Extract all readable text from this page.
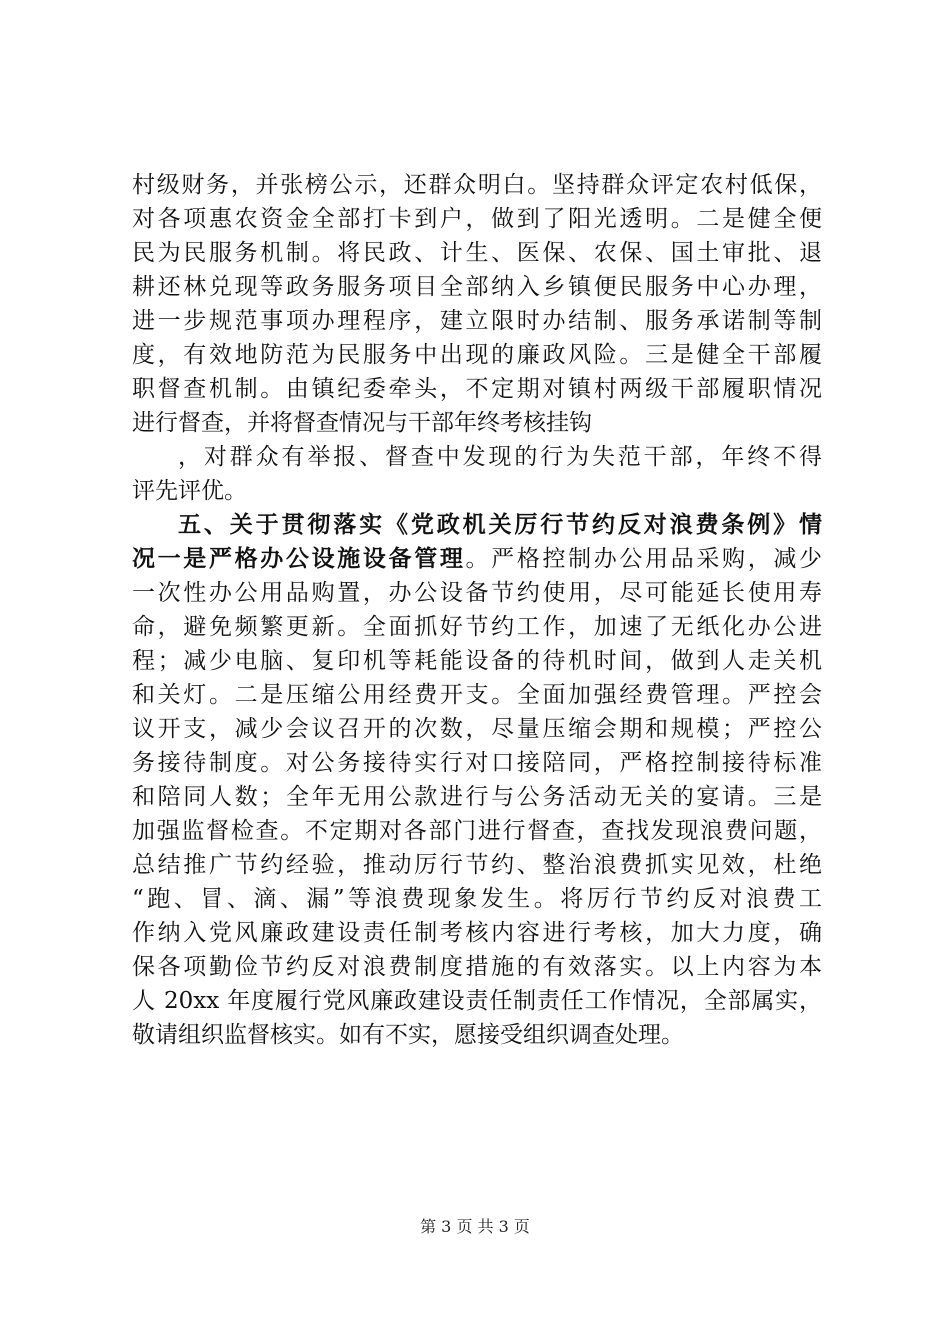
村级财务，并张榜公示，还群众明白。坚持群众评定农村低保，
对各项惠农资金全部打卡到户，做到了阳光透明。二是健全便
民为民服务机制。将民政、计生、医保、农保、国土审批、退
耕还林兑现等政务服务项目全部纳入乡镇便民服务中心办理，
进一步规范事项办理程序，建立限时办结制、服务承诺制等制
度，有效地防范为民服务中出现的廉政风险。三是健全干部履
职督查机制。由镇纪委牵头，不定期对镇村两级干部履职情况
进行督查，并将督查情况与干部年终考核挂钩
，对群众有举报、督查中发现的行为失范干部，年终不得
评先评优。
五、关于贯彻落实《党政机关厉行节约反对浪费条例》情
况一是严格办公设施设备管理。严格控制办公用品采购，减少
一次性办公用品购置，办公设备节约使用，尽可能延长使用寿
命，避免频繁更新。全面抓好节约工作，加速了无纸化办公进
程；减少电脑、复印机等耗能设备的待机时间，做到人走关机
和关灯。二是压缩公用经费开支。全面加强经费管理。严控会
议开支，减少会议召开的次数，尽量压缩会期和规模；严控公
务接待制度。对公务接待实行对口接陪同，严格控制接待标准
和陪同人数；全年无用公款进行与公务活动无关的宴请。三是
加强监督检查。不定期对各部门进行督查，查找发现浪费问题，
总结推广节约经验，推动厉行节约、整治浪费抓实见效，杜绝
“跑、冒、滴、漏”等浪费现象发生。将厉行节约反对浪费工
作纳入党风廉政建设责任制考核内容进行考核，加大力度，确
保各项勤俭节约反对浪费制度措施的有效落实。以上内容为本
人 20xx 年度履行党风廉政建设责任制责任工作情况，全部属实，
敬请组织监督核实。如有不实，愿接受组织调查处理。
第 3 页 共 3 页
